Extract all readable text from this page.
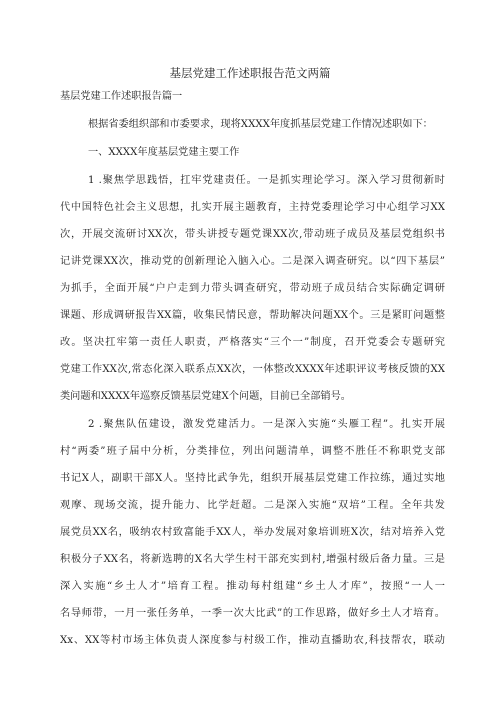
基层党建工作述职报告范文两篇
基层党建工作述职报告篇一
根据省委组织部和市委要求，现将XXXX年度抓基层党建工作情况述职如下：
一、XXXX年度基层党建主要工作
1 .聚焦学思践悟，扛牢党建责任。一是抓实理论学习。深入学习贯彻新时
代中国特色社会主义思想，扎实开展主题教育，主持党委理论学习中心组学习XX
次，开展交流研讨XX次，带头讲授专题党课XX次,带动班子成员及基层党组织书
记讲党课XX次，推动党的创新理论入脑入心。二是深入调查研究。以“四下基层”
为抓手，全面开展“户户走到力带头调查研究，带动班子成员结合实际确定调研
课题、形成调研报告XX篇，收集民情民意，帮助解决问题XX个。三是紧盯问题整
改。坚决扛牢第一责任人职责，严格落实“三个一”制度，召开党委会专题研究
党建工作XX次,常态化深入联系点XX次，一体整改XXXX年述职评议考核反馈的XX
类问题和XXXX年巡察反馈基层党建X个问题，目前已全部销号。
2 .聚焦队伍建设，激发党建活力。一是深入实施“头雁工程”。扎实开展
村“两委”班子届中分析，分类排位，列出问题清单，调整不胜任不称职党支部
书记X人，副职干部X人。坚持比武争先，组织开展基层党建工作拉练，通过实地
观摩、现场交流，提升能力、比学赶超。二是深入实施“双培”工程。全年共发
展党员XX名，吸纳农村致富能手XX人，举办发展对象培训班X次，结对培养入党
积极分子XX名，将新选聘的X名大学生村干部充实到村,增强村级后备力量。三是
深入实施“乡土人才”培育工程。推动每村组建“乡土人才库”，按照“一人一
名导师带，一月一张任务单，一季一次大比武”的工作思路，做好乡土人才培育。
Xx、XX等村市场主体负责人深度参与村级工作，推动直播助农,科技帮农，联动
